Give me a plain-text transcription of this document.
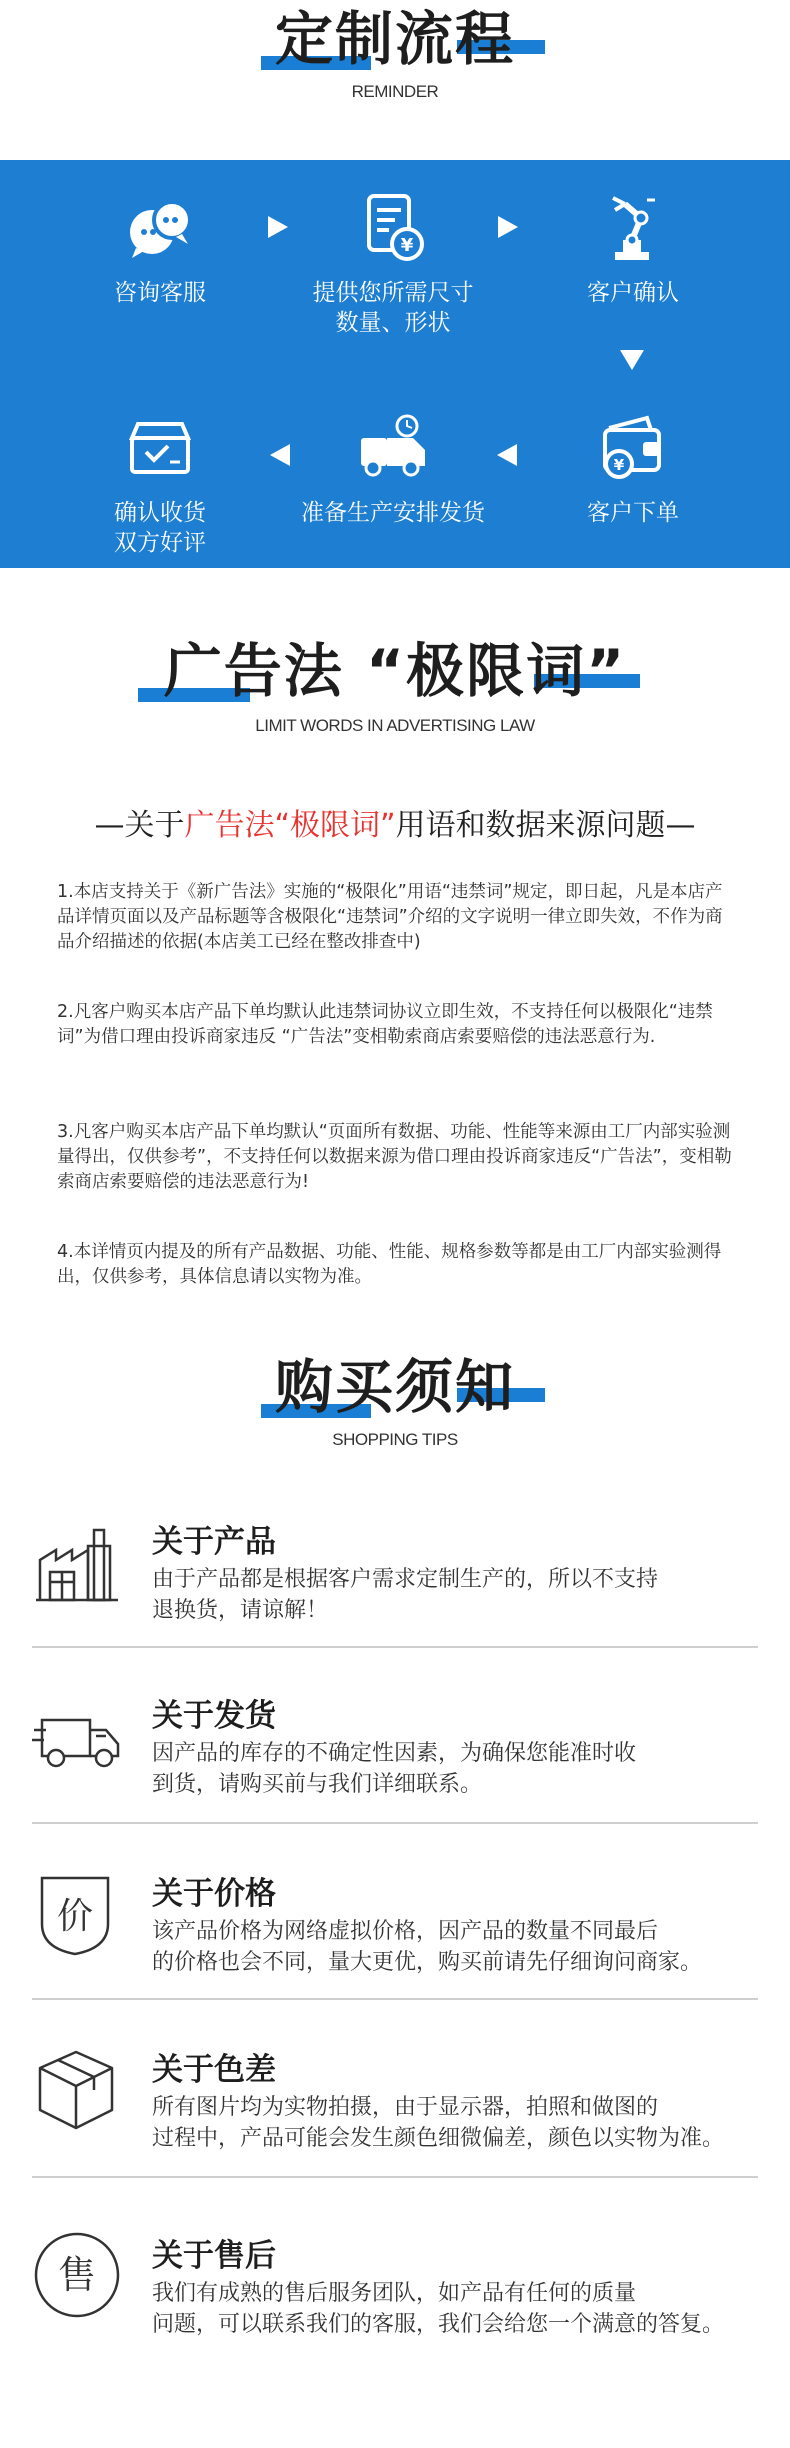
定制流程
REMINDER
咨询客服
¥
提供您所需尺寸
数量、形状
客户确认
¥
客户下单
准备生产安排发货
确认收货
双方好评
广告法 “极限词”
LIMIT WORDS IN ADVERTISING LAW
—关于广告法“极限词”用语和数据来源问题—
1.本店支持关于《新广告法》实施的“极限化”用语“违禁词”规定，即日起，凡是本店产品详情页面以及产品标题等含极限化“违禁词”介绍的文字说明一律立即失效，不作为商品介绍描述的依据(本店美工已经在整改排查中)
2.凡客户购买本店产品下单均默认此违禁词协议立即生效，不支持任何以极限化“违禁词”为借口理由投诉商家违反 “广告法”变相勒索商店索要赔偿的违法恶意行为.
3.凡客户购买本店产品下单均默认“页面所有数据、功能、性能等来源由工厂内部实验测量得出，仅供参考”，不支持任何以数据来源为借口理由投诉商家违反“广告法”，变相勒索商店索要赔偿的违法恶意行为!
4.本详情页内提及的所有产品数据、功能、性能、规格参数等都是由工厂内部实验测得出，仅供参考，具体信息请以实物为准。
购买须知
SHOPPING TIPS
关于产品
由于产品都是根据客户需求定制生产的，所以不支持
退换货，请谅解！
关于发货
因产品的库存的不确定性因素，为确保您能准时收
到货，请购买前与我们详细联系。
价
关于价格
该产品价格为网络虚拟价格，因产品的数量不同最后
的价格也会不同，量大更优，购买前请先仔细询问商家。
关于色差
所有图片均为实物拍摄，由于显示器，拍照和做图的
过程中，产品可能会发生颜色细微偏差，颜色以实物为准。
售 关于售后
我们有成熟的售后服务团队，如产品有任何的质量
问题，可以联系我们的客服，我们会给您一个满意的答复。
